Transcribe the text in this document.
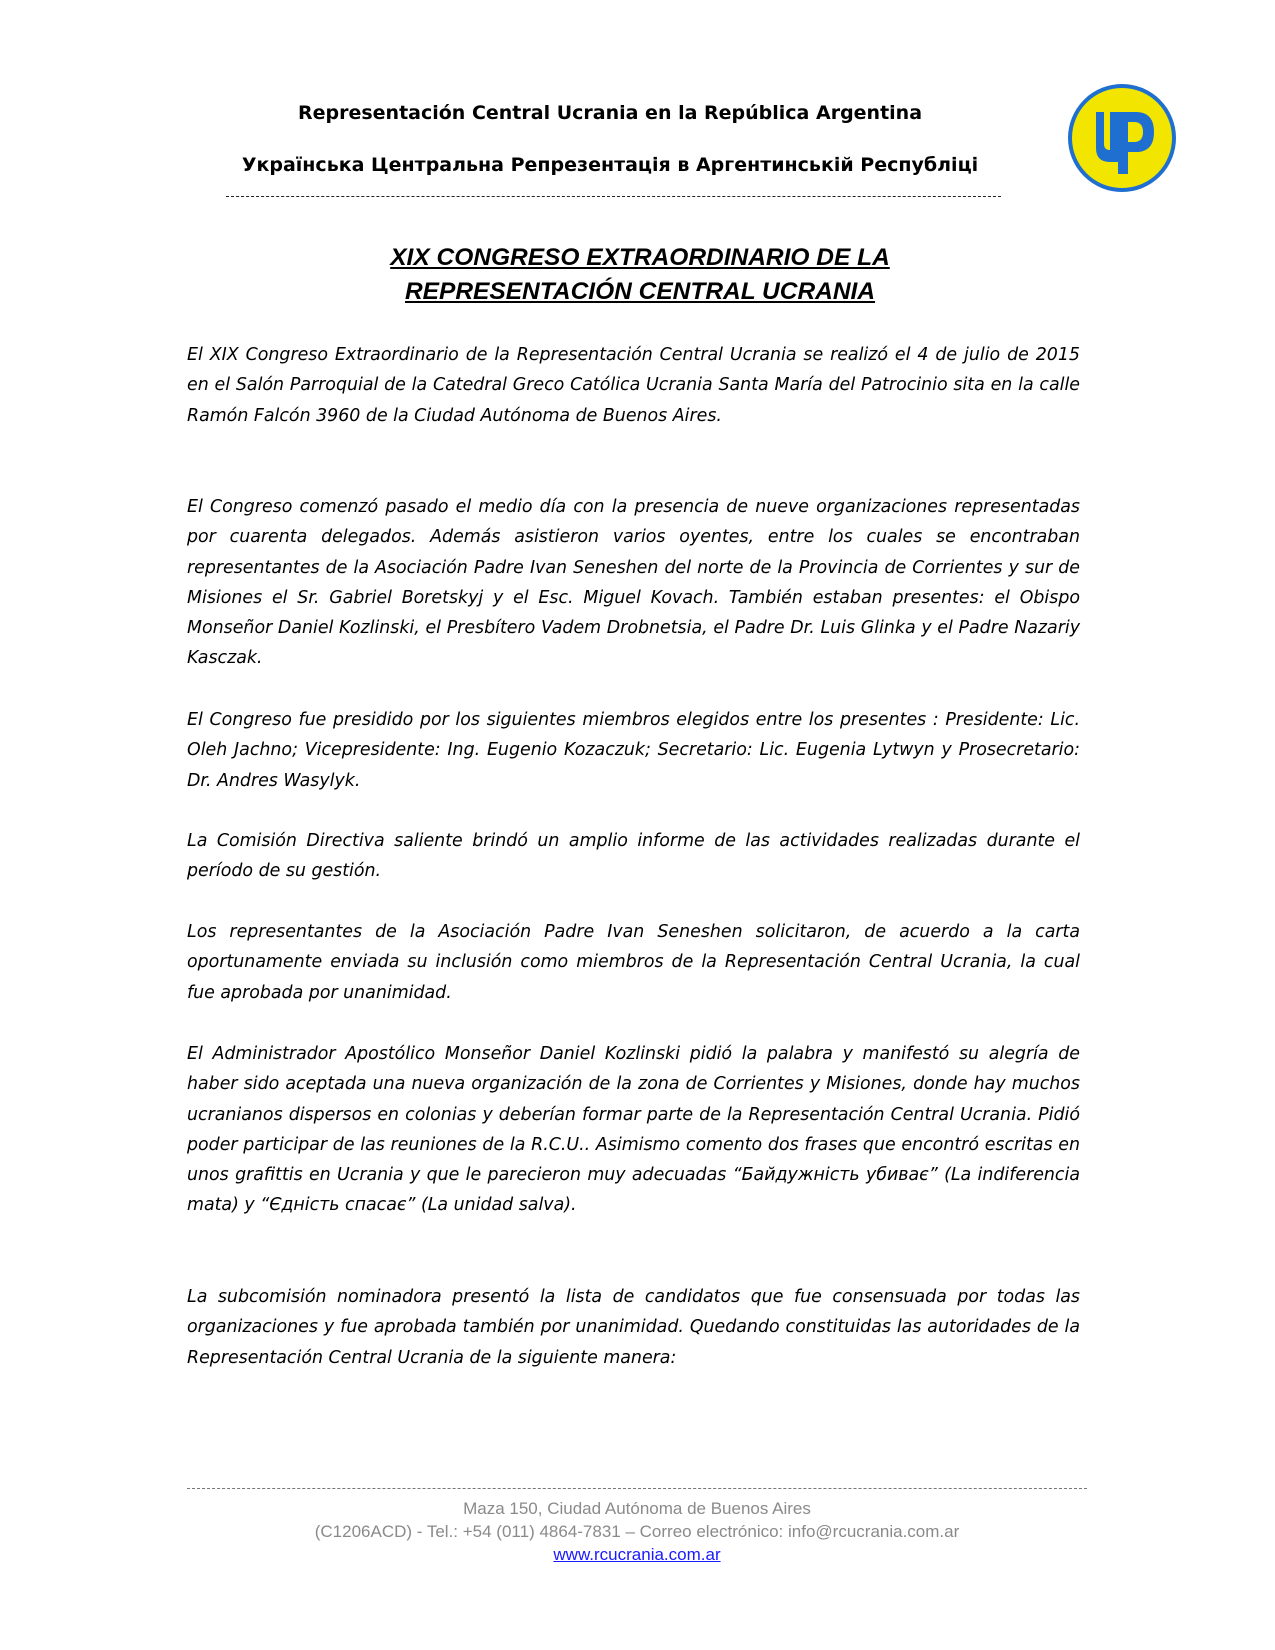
Representación Central Ucrania en la República Argentina
Українська Центральна Репрезентація в Аргентинській Республіці
XIX CONGRESO EXTRAORDINARIO DE LA
REPRESENTACIÓN CENTRAL UCRANIA

El XIX Congreso Extraordinario de la Representación Central Ucrania se realizó el 4 de julio de 2015 en el Salón Parroquial de la Catedral Greco Católica Ucrania Santa María del Patrocinio sita en la calle Ramón Falcón 3960 de la Ciudad Autónoma de Buenos Aires.

El Congreso comenzó pasado el medio día con la presencia de nueve organizaciones representadas por cuarenta delegados. Además asistieron varios oyentes, entre los cuales se encontraban representantes de la Asociación Padre Ivan Seneshen del norte de la Provincia de Corrientes y sur de Misiones el Sr. Gabriel Boretskyj y el Esc. Miguel Kovach. También estaban presentes: el Obispo Monseñor Daniel Kozlinski, el Presbítero Vadem Drobnetsia, el Padre Dr. Luis Glinka y el Padre Nazariy Kasczak.

El Congreso fue presidido por los siguientes miembros elegidos entre los presentes : Presidente: Lic. Oleh Jachno; Vicepresidente: Ing. Eugenio Kozaczuk; Secretario: Lic. Eugenia Lytwyn y Prosecretario: Dr. Andres Wasylyk.

La Comisión Directiva saliente brindó un amplio informe de las actividades realizadas durante el período de su gestión.

Los representantes de la Asociación Padre Ivan Seneshen solicitaron, de acuerdo a la carta oportunamente enviada su inclusión como miembros de la Representación Central Ucrania, la cual fue aprobada por unanimidad.

El Administrador Apostólico Monseñor Daniel Kozlinski pidió la palabra y manifestó su alegría de haber sido aceptada una nueva organización de la zona de Corrientes y Misiones, donde hay muchos ucranianos dispersos en colonias y deberían formar parte de la Representación Central Ucrania. Pidió poder participar de las reuniones de la R.C.U.. Asimismo comento dos frases que encontró escritas en unos grafittis en Ucrania y que le parecieron muy adecuadas “Байдужність убиває” (La indiferencia mata) y “Єдність спасає” (La unidad salva).

La subcomisión nominadora presentó la lista de candidatos que fue consensuada por todas las organizaciones y fue aprobada también por unanimidad. Quedando constituidas las autoridades de la Representación Central Ucrania de la siguiente manera:

Maza 150, Ciudad Autónoma de Buenos Aires
(C1206ACD) - Tel.: +54 (011) 4864-7831 – Correo electrónico: info@rcucrania.com.ar
www.rcucrania.com.ar
